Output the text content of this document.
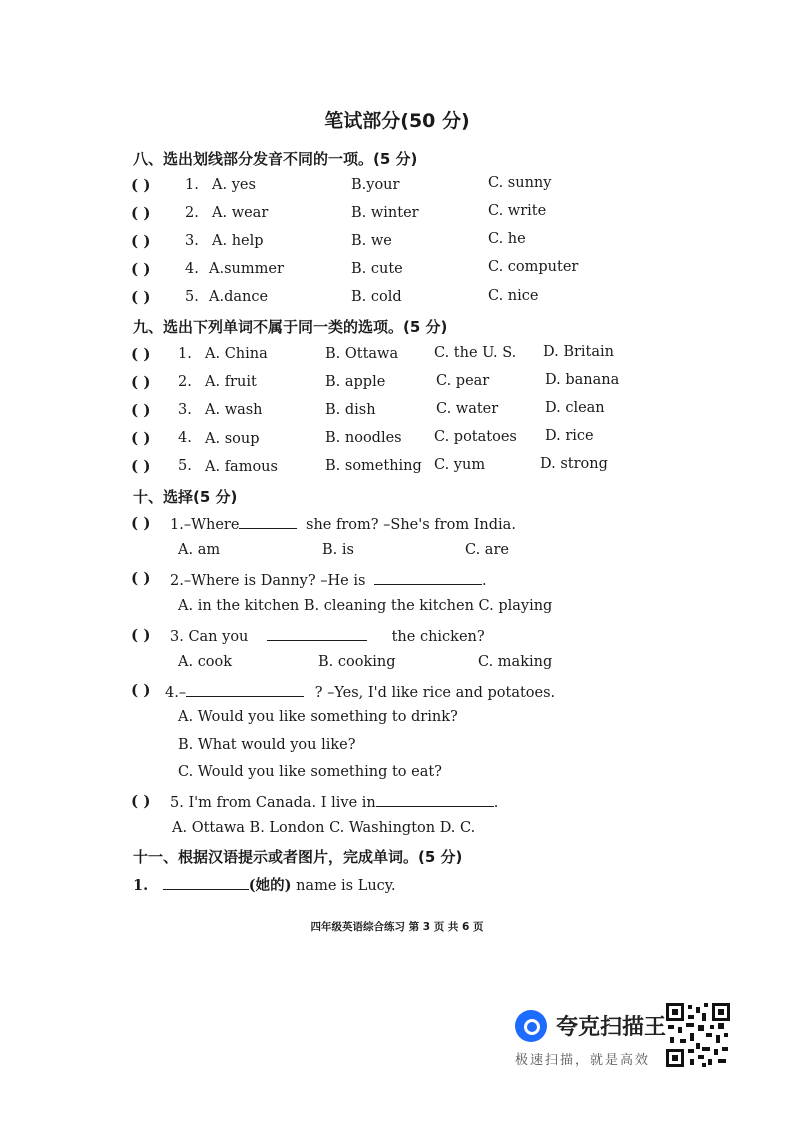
笔试部分(50 分)
八、选出划线部分发音不同的一项。(5 分)
( ) 1. A. yes	B.your	C. sunny
( ) 2. A. wear	B. winter	C. write
( ) 3. A. help	B. we	C. he
( ) 4. A.summer	B. cute	C. computer
( ) 5. A.dance	B. cold	C. nice
九、选出下列单词不属于同一类的选项。(5 分)
( ) 1. A. China	B. Ottawa C. the U. S. D. Britain
( ) 2. A. fruit	B. apple	C. pear	D. banana
( ) 3. A. wash	B. dish	C. water	D. clean
( ) 4. A. soup	B. noodles C. potatoes D. rice
( ) 5. A. famous	B. something C. yum	D. strong
十、选择(5 分)
( ) 1.–Where	she from? –She's from India.
A. am	B. is	C. are
( ) 2.–Where is Danny? –He is	.
A. in the kitchen B. cleaning the kitchen C. playing
( ) 3. Can you	the chicken?
A. cook	B. cooking	C. making
( ) 4.–	? –Yes, I'd like rice and potatoes.
A. Would you like something to drink?
B. What would you like?
C. Would you like something to eat?
( ) 5. I'm from Canada. I live in	.
A. Ottawa B. London C. Washington D. C.
十一、根据汉语提示或者图片，完成单词。(5 分)
1.	(她的) name is Lucy.
四年级英语综合练习 第 3 页 共 6 页
夸克扫描王
极速扫描，就是高效
